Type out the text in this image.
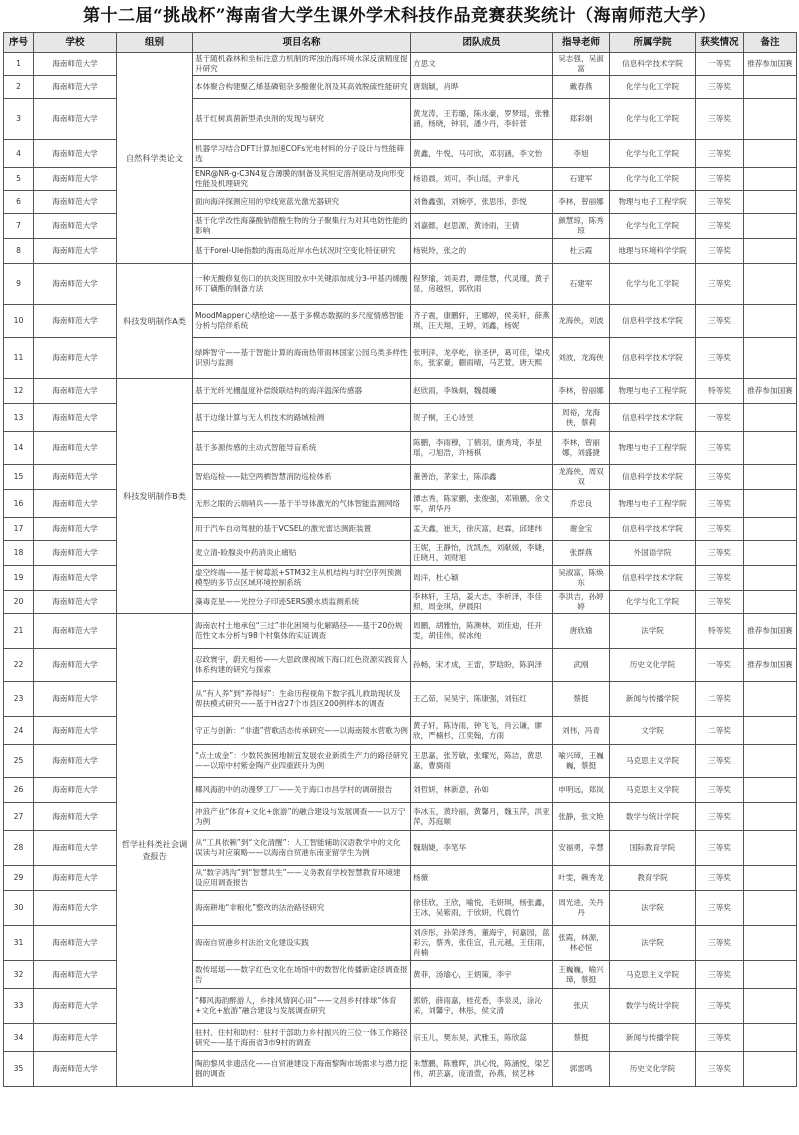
第十二届“挑战杯”海南省大学生课外学术科技作品竞赛获奖统计（海南师范大学）
序号	学校	组别	项目名称	团队成员	指导老师	所属学院	获奖情况	备注
1	海南师范大学	自然科学类论文	基于随机森林和坐标注意力机制的珲浊治海环境水深反演精度提升研究	方思文	吴志强，吴淑富	信息科学技术学院	一等奖	推荐参加国赛
2	海南师范大学		本体聚合构建聚乙烯基磷钼杂多酸催化剂及其高效脱硫性能研究	唐瑞颖，肖晔	戴春燕	化学与化工学院	三等奖	
3	海南师范大学		基于红树真菌新型杀虫剂的发现与研究	黄龙涛，王若璐，陈永豪，罗梦瑶，张雅涵，杨晓，钟羽，潘少丹，李轩菅	郑彩娟	化学与化工学院	三等奖	
4	海南师范大学		机器学习结合DFT计算加速COFs光电材料的分子设计与性能筛选	黄鑫，牛悦，马可欣，邓羽涵，李文怡	李旭	化学与化工学院	三等奖	
5	海南师范大学		ENR@NR-g-C3N4复合薄膜的制备及其恒定溶剂驱动及向形变性能及机理研究	杨语晨，刘可，李山瑶，尹非凡	石建军	化学与化工学院	三等奖	
6	海南师范大学		面向海洋探测应用的窄线宽蓝光激光器研究	刘鲁鑫强，刘婉亭，张思彤，彭悦	李林，曾丽娜	物理与电子工程学院	三等奖	
7	海南师范大学		基于化学改性海藻酸钠蓿酸生物的分子聚集行为对其电防性能的影响	刘嘉懿，赵思源，黄诗雨，王倩	颜慧琼，陈秀琼	化学与化工学院	三等奖	
8	海南师范大学		基于Forel-Ule指数的海南岛近岸水色状况时空变化特征研究	杨锐羚，张之的	杜云霞	地理与环境科学学院	三等奖	
9	海南师范大学	科技发明制作A类	一种无酸修复伤口的抗炎医用胶水中关键添加成分3-甲基丙烯酸环丁磺酯的制备方法	程梦瑜，刘美君，谭佳慧，代灵瑾，黄子显，房越恒，郭欣雨	石建军	化学与化工学院	三等奖	
10	海南师范大学		MoodMapper心绪绘途——基于多模态数据的多尺度情感智能分析与陪伴系统	齐子震，康鹏轩，王娜婷，侯美轩，薛燕琪，汪天翔，王婷，刘鑫，杨妮	龙海侠，刘波	信息科学技术学院	三等奖	
11	海南师范大学		绿眸智守——基于智能计算的海南热带雨林国家公园乌类多样性识别与监测	张明洋，龙亭屹，徐圣伊，葛可佳，梁戌东，张家豪，蒯雨晴，马艺萱，唐天熙	刘波，龙海侠	信息科学技术学院	三等奖	
12	海南师范大学	科技发明制作B类	基于光纤光栅温度补偿级联结构的海洋温深传感器	赵欣雨，李姝炯，魏晨曦	李林，曾丽娜	物理与电子工程学院	特等奖	推荐参加国赛
13	海南师范大学		基于边缘计算与无人机技术的路域检测	贺子桐，王心诗昱	周裕，龙海侠，蔡莉	信息科学技术学院	一等奖	
14	海南师范大学		基于多源传感的主动式智能导盲系统	陈鹏，李雨穆，丁鹤羽，康秀琦，李星瑶，刁旭浩，许杨棋	李林，曾丽娜，刘盛捷	物理与电子工程学院	三等奖	
15	海南师范大学		智焰巡检——陆空两栖智慧消防巡检体系	董善治，茅家士，陈添鑫	龙海侠，周双双	信息科学技术学院	三等奖	
16	海南师范大学		无形之眼的云端哨兵——基于半导体激光的气体智能监测网络	谭志秀，陈家鹏，张俊强，邓锦鹏，余文军，胡华丹	乔忠良	物理与电子工程学院	三等奖	
17	海南师范大学		用于汽车自动驾驶的基于VCSEL的激光雷达测距装置	孟天鑫，崔天，徐庆富，赵霖，邱建纬	谢金宝	信息科学技术学院	三等奖	
18	海南师范大学		麦立清-睑腺炎中药消炎止痛贴	王妮，王静怡，沈凯杰，刘献媛，李婕，汪晓月，刘财旭	张群燕	外国语学院	三等奖	
19	海南师范大学		虚空终端——基于树莓派+STM32主从机结构与时空序列预测模型的多节点区域环境控制系统	周洋，杜心颖	吴淑富，陈焕东	信息科学技术学院	三等奖	
20	海南师范大学		藻毒克星——光控分子印迹SERS膜水质监测系统	李林轩，王培，姜大志，李析泽，李佳照，周金琪，伊晨阳	李洪吉，孙婷婷	化学与化工学院	三等奖	
21	海南师范大学	哲学社科类社会调查报告	海南农村土地承包“三过”非化困境与化解路径——基于20份规范性文本分析与98个村集体的实证调查	周鹏，胡雅怡，陈澳林，刘佳迪，任开雯，胡佳伟，侯冰纯	唐欣瑜	法学院	特等奖	推荐参加国赛
22	海南师范大学		忍政寰宇，蔚天相传——大思政课视域下海口红色资源实践育人体系构建的研究与探索	孙畅，宋才成，王雷，罗晗盼，陈润泽	武刚	历史文化学院	一等奖	推荐参加国赛
23	海南师范大学		从“有人养”到“养得好”：生命历程视角下数字孤儿救助现状及帮扶模式研究——基于H省27个市县区200例样本的调查	王乙茹，吴昊宇，陈康强，刘钰红	蔡挺	新闻与传播学院	二等奖	
24	海南师范大学		守正与创新：“非遗”营歌活态传承研究——以海南陵水营歌为例	黄子轩，陈诗雨，钟飞飞，肖云谦，廖欣，严楠杉，江奕翰，方雨	刘伟，冯青	文学院	二等奖	
25	海南师范大学		“点土成金”：少数民族困地制宜发展农业新质生产力的路径研究——以琼中村紫金陶产业四重跃升为例	王思嘉，张芳敏，张耀光，陈洁，黄思嘉，曹旖雨	喻兴璋，王巍巍，蔡挺	马克思主义学院	三等奖	
26	海南师范大学		椰风海韵中的动漫梦工厂——关于海口市昌学村的调研报告	刘哲妍，林新意，孙如	申明远，郑岚	马克思主义学院	三等奖	
27	海南师范大学		冲浪产业“体育+文化+旅游”的融合建设与发展调查——以万宁为例	李冰玉，黄玲丽，黄馨月，魏玉萍，洪亚萍，苏庭顺	张静，张文艳	数学与统计学院	三等奖	
28	海南师范大学		从“工具依赖”到“文化清醒”：人工智能辅助汉语教学中的文化误读与对应策略——以海南自贸港东南亚留学生为例	魏瑞婕，李笔华	安福勇，辛慧	国际教育学院	三等奖	
29	海南师范大学		从“数字鸿沟”到“智慧共生”——义务教育学校智慧教育环境建设应用调查报告	杨薇	叶雯，赖秀龙	教育学院	三等奖	
30	海南师范大学		海南耕地“非粮化”整改的法治路径研究	徐佳欣，王欣，喻悦，毛妍琪，杨张鑫，王冰，吴紫雨，于欣妍，代晨竹	周光进，关丹丹	法学院	三等奖	
31	海南师范大学		海南自贸港乡村法治文化建设实践	刘彦彤，孙荣泽秀，董海宇，何嘉园，蓝彩云，蔡秀，张佳宜，孔元越，王佳雨，肖楠	张霞，林源，林必恒	法学院	三等奖	
32	海南师范大学		数传瑶瑶——数字红色文化在场馆中的数智化传播新途径调查报告	黄菲，汤瑜心，王炳策，李宇	王巍巍，喻兴璋，蔡挺	马克思主义学院	三等奖	
33	海南师范大学		“椰风海韵醉游人，乡排风情润心田”——文昌乡村排球“体育+文化+旅游”融合建设与发展调查研究	郭娇，薛雨嘉，桂花香，李泉灵，涂沁采，刘馨宇，林彤，侯文清	张庆	数学与统计学院	三等奖	
34	海南师范大学		驻村、住村和助村：驻村干部助力乡村振兴的三位一体工作路径研究——基于海南省3市9村的调查	宗玉儿，樊东昊，武雅玉，陈欣蕊	蔡挺	新闻与传播学院	三等奖	
35	海南师范大学		陶韵黎风非遗活化——自贸港建设下海南黎陶市场需求与潜力挖掘的调查	朱慧鹏，陈雅晖，洪心悦，陈涵悦，梁艺伟，胡芸嘉，庞清萱，孙燕，侯艺林	郭雷鸣	历史文化学院	三等奖	
